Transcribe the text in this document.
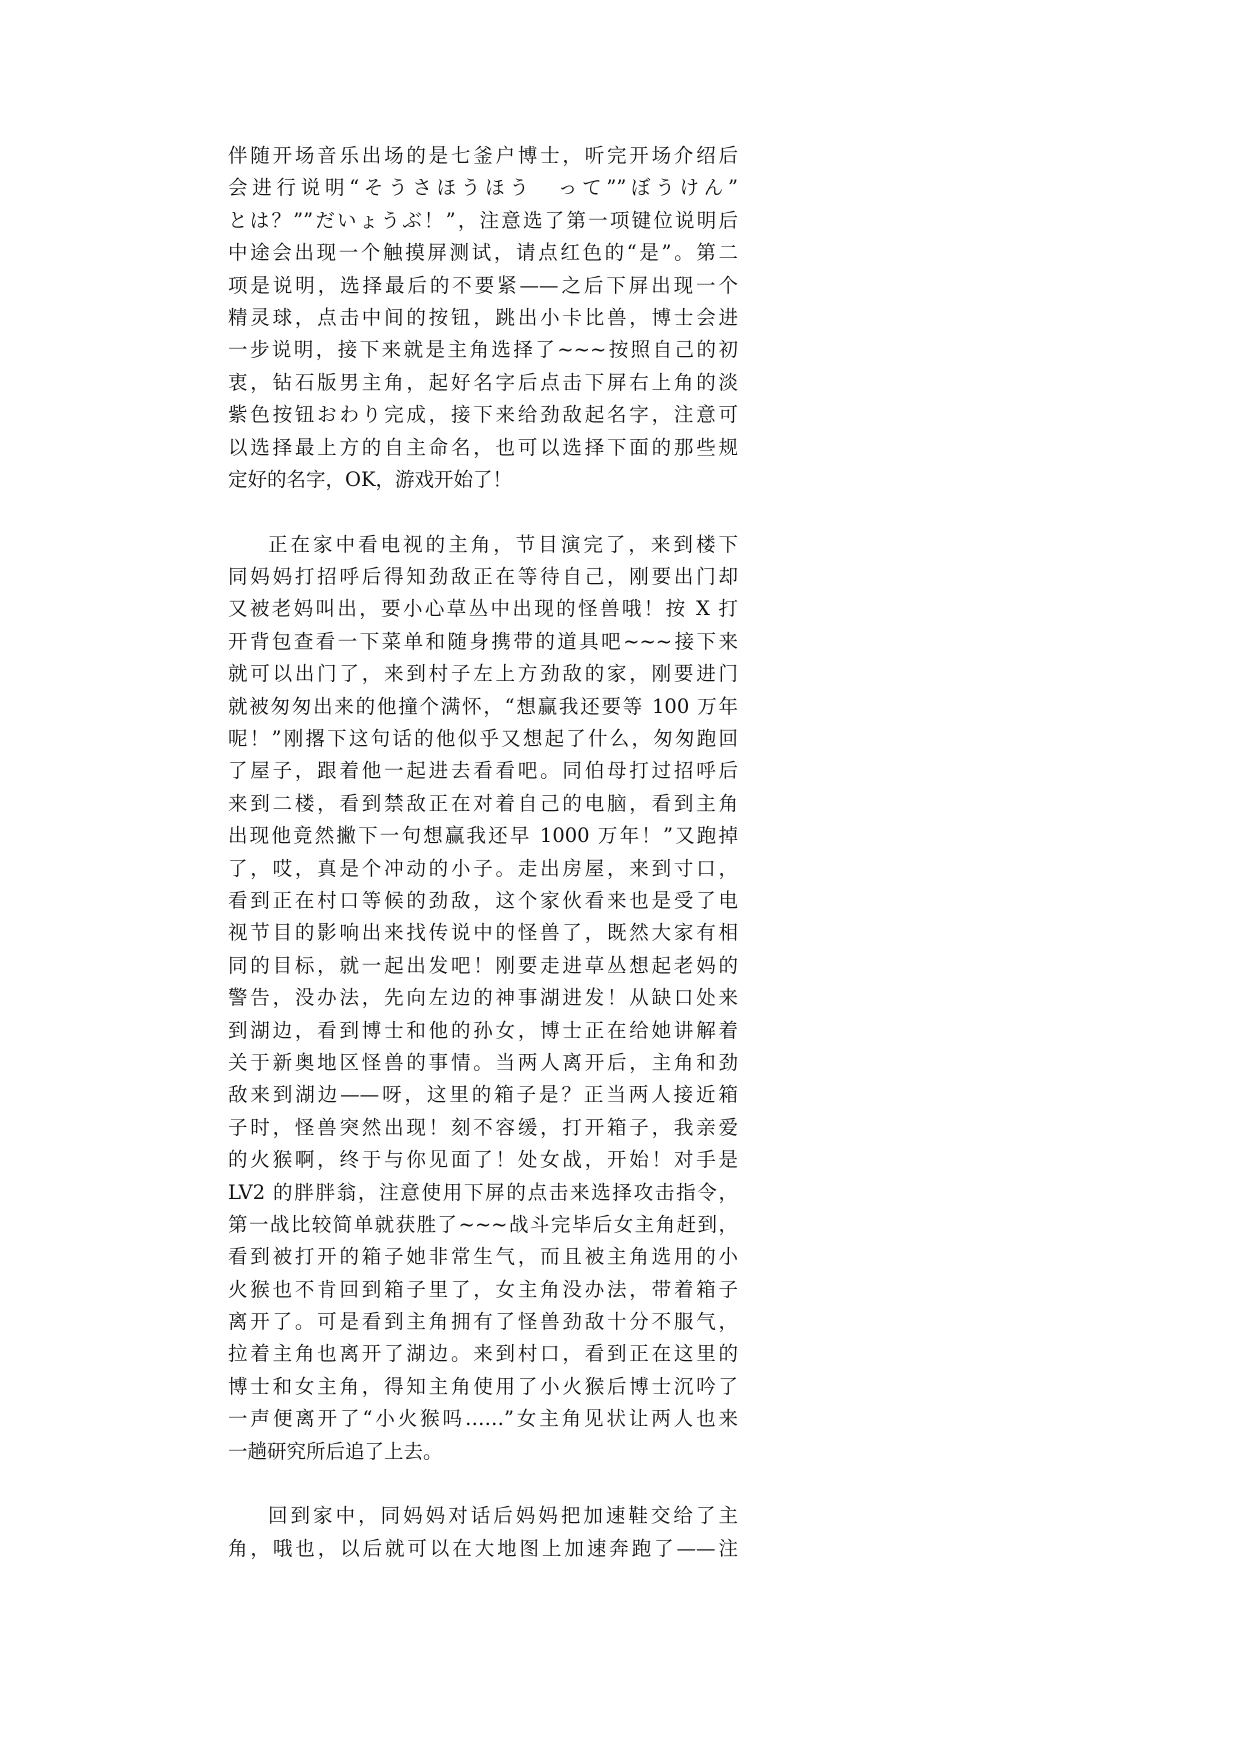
伴随开场音乐出场的是七釜户博士，听完开场介绍后
会进行说明“そうさほうほう　って””ぼうけん”
とは？””だいょうぶ！”，注意选了第一项键位说明后
中途会出现一个触摸屏测试，请点红色的“是”。第二
项是说明，选择最后的不要紧——之后下屏出现一个
精灵球，点击中间的按钮，跳出小卡比兽，博士会进
一步说明，接下来就是主角选择了~~~按照自己的初
衷，钻石版男主角，起好名字后点击下屏右上角的淡
紫色按钮おわり完成，接下来给劲敌起名字，注意可
以选择最上方的自主命名，也可以选择下面的那些规
定好的名字，OK，游戏开始了！
正在家中看电视的主角，节目演完了，来到楼下
同妈妈打招呼后得知劲敌正在等待自己，刚要出门却
又被老妈叫出，要小心草丛中出现的怪兽哦！按 X 打
开背包查看一下菜单和随身携带的道具吧~~~接下来
就可以出门了，来到村子左上方劲敌的家，刚要进门
就被匆匆出来的他撞个满怀，“想赢我还要等 100 万年
呢！”刚撂下这句话的他似乎又想起了什么，匆匆跑回
了屋子，跟着他一起进去看看吧。同伯母打过招呼后
来到二楼，看到禁敌正在对着自己的电脑，看到主角
出现他竟然撇下一句想赢我还早 1000 万年！”又跑掉
了，哎，真是个冲动的小子。走出房屋，来到寸口，
看到正在村口等候的劲敌，这个家伙看来也是受了电
视节目的影响出来找传说中的怪兽了，既然大家有相
同的目标，就一起出发吧！刚要走进草丛想起老妈的
警告，没办法，先向左边的神事湖进发！从缺口处来
到湖边，看到博士和他的孙女，博士正在给她讲解着
关于新奥地区怪兽的事情。当两人离开后，主角和劲
敌来到湖边——呀，这里的箱子是？正当两人接近箱
子时，怪兽突然出现！刻不容缓，打开箱子，我亲爱
的火猴啊，终于与你见面了！处女战，开始！对手是
LV2 的胖胖翁，注意使用下屏的点击来选择攻击指令，
第一战比较简单就获胜了~~~战斗完毕后女主角赶到，
看到被打开的箱子她非常生气，而且被主角选用的小
火猴也不肯回到箱子里了，女主角没办法，带着箱子
离开了。可是看到主角拥有了怪兽劲敌十分不服气，
拉着主角也离开了湖边。来到村口，看到正在这里的
博士和女主角，得知主角使用了小火猴后博士沉吟了
一声便离开了“小火猴吗……”女主角见状让两人也来
一趟研究所后追了上去。
回到家中，同妈妈对话后妈妈把加速鞋交给了主
角，哦也，以后就可以在大地图上加速奔跑了——注
